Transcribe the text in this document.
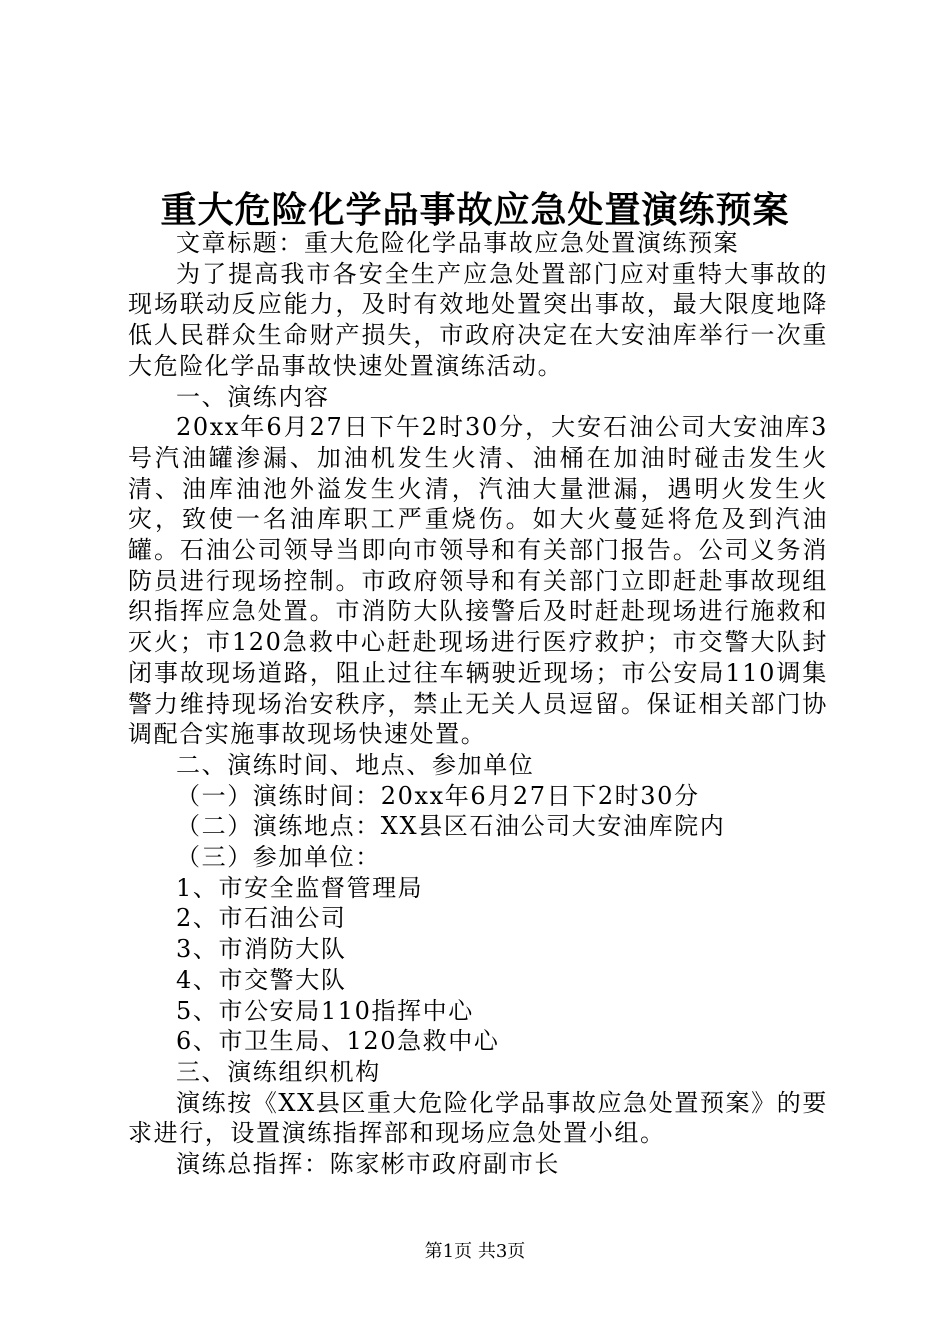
重大危险化学品事故应急处置演练预案

文章标题：重大危险化学品事故应急处置演练预案

为了提高我市各安全生产应急处置部门应对重特大事故的现场联动反应能力，及时有效地处置突出事故，最大限度地降低人民群众生命财产损失，市政府决定在大安油库举行一次重大危险化学品事故快速处置演练活动。

一、演练内容

20xx年6月27日下午2时30分，大安石油公司大安油库3号汽油罐渗漏、加油机发生火清、油桶在加油时碰击发生火清、油库油池外溢发生火清，汽油大量泄漏，遇明火发生火灾，致使一名油库职工严重烧伤。如大火蔓延将危及到汽油罐。石油公司领导当即向市领导和有关部门报告。公司义务消防员进行现场控制。市政府领导和有关部门立即赶赴事故现组织指挥应急处置。市消防大队接警后及时赶赴现场进行施救和灭火；市120急救中心赶赴现场进行医疗救护；市交警大队封闭事故现场道路，阻止过往车辆驶近现场；市公安局110调集警力维持现场治安秩序，禁止无关人员逗留。保证相关部门协调配合实施事故现场快速处置。

二、演练时间、地点、参加单位

（一）演练时间：20xx年6月27日下2时30分

（二）演练地点：XX县区石油公司大安油库院内

（三）参加单位：

1、市安全监督管理局
2、市石油公司
3、市消防大队
4、市交警大队
5、市公安局110指挥中心
6、市卫生局、120急救中心

三、演练组织机构

演练按《XX县区重大危险化学品事故应急处置预案》的要求进行，设置演练指挥部和现场应急处置小组。

演练总指挥：陈家彬市政府副市长

第1页 共3页
